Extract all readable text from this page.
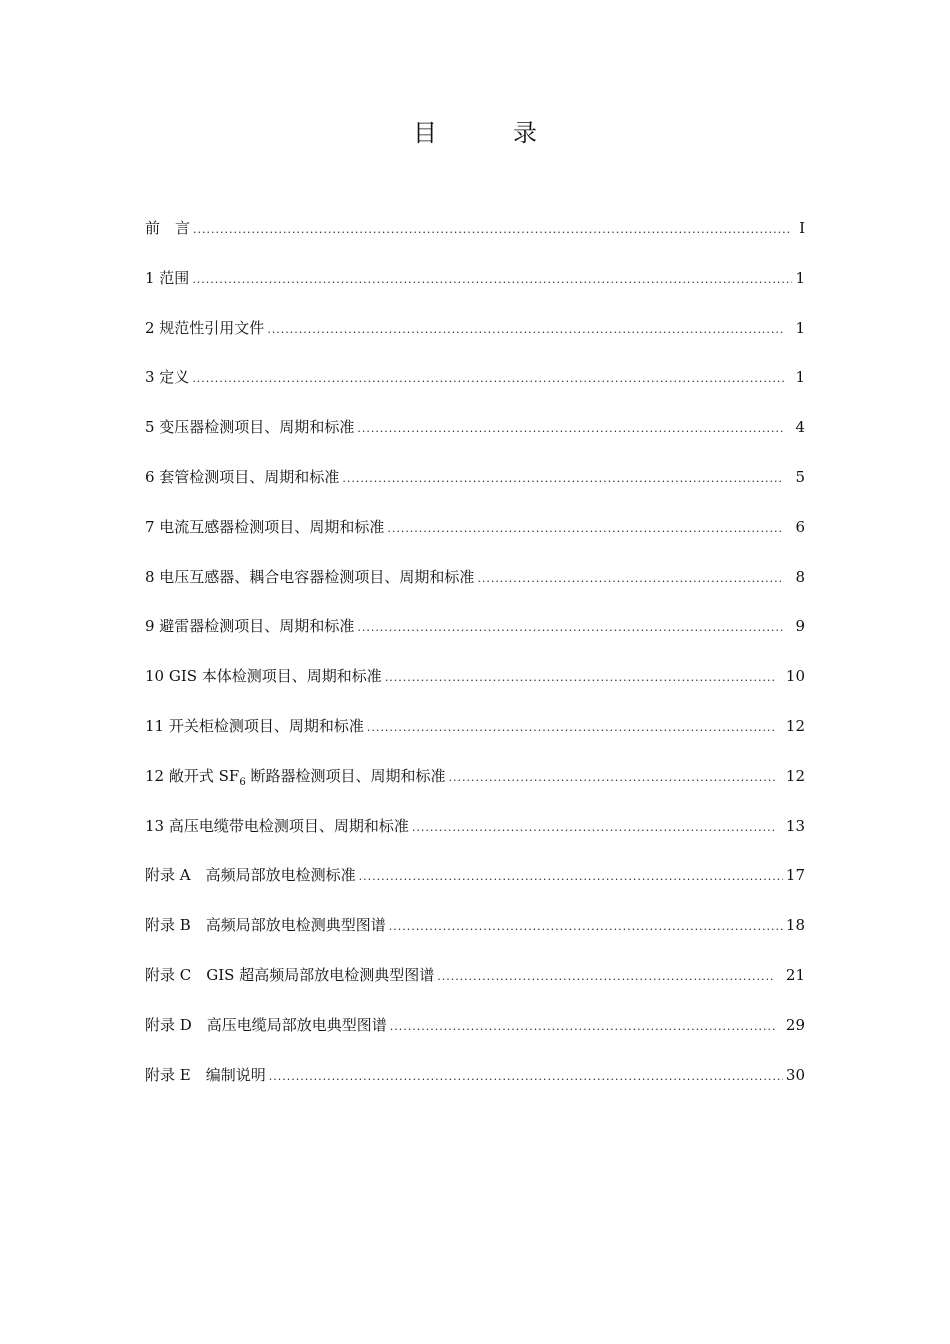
目　录
前　言 .....	I
1 范围 .....	1
2 规范性引用文件 .....	1
3 定义 .....	1
5 变压器检测项目、周期和标准 .....	4
6 套管检测项目、周期和标准 .....	5
7 电流互感器检测项目、周期和标准 .....	6
8 电压互感器、耦合电容器检测项目、周期和标准 .....	8
9 避雷器检测项目、周期和标准 .....	9
10 GIS 本体检测项目、周期和标准 .....	10
11 开关柜检测项目、周期和标准 .....	12
12 敞开式 $SF_6$ 断路器检测项目、周期和标准 .....	12
13 高压电缆带电检测项目、周期和标准 .....	13
附录 A　高频局部放电检测标准 .....	17
附录 B　高频局部放电检测典型图谱 .....	18
附录 C　GIS 超高频局部放电检测典型图谱 .....	21
附录 D　高压电缆局部放电典型图谱 .....	29
附录 E　编制说明 .....	30
